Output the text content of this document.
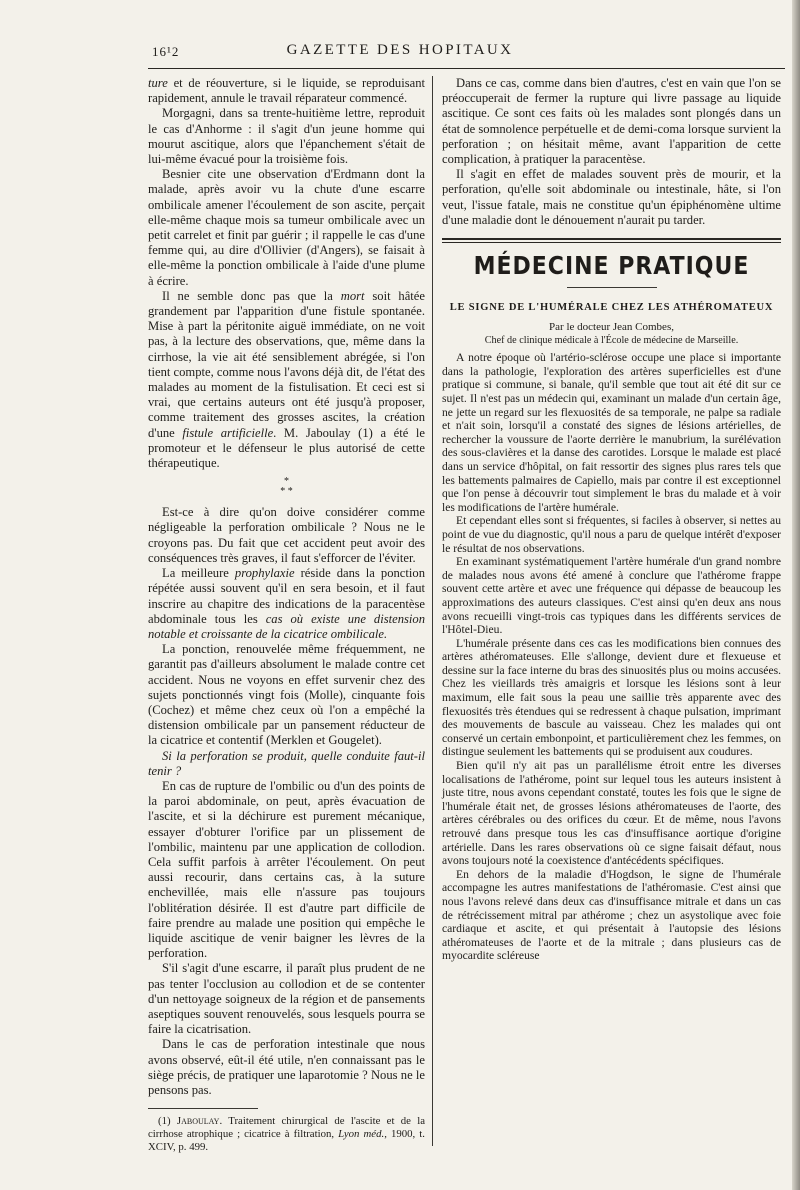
16¹2	GAZETTE DES HOPITAUX

ture et de réouverture, si le liquide, se reproduisant rapidement, annule le travail réparateur commencé.

Morgagni, dans sa trente-huitième lettre, reproduit le cas d'Anhorme : il s'agit d'un jeune homme qui mourut ascitique, alors que l'épanchement s'était de lui-même évacué pour la troisième fois.

Besnier cite une observation d'Erdmann dont la malade, après avoir vu la chute d'une escarre ombilicale amener l'écoulement de son ascite, perçait elle-même chaque mois sa tumeur ombilicale avec un petit carrelet et finit par guérir ; il rappelle le cas d'une femme qui, au dire d'Ollivier (d'Angers), se faisait à elle-même la ponction ombilicale à l'aide d'une plume à écrire.

Il ne semble donc pas que la mort soit hâtée grandement par l'apparition d'une fistule spontanée. Mise à part la péritonite aiguë immédiate, on ne voit pas, à la lecture des observations, que, même dans la cirrhose, la vie ait été sensiblement abrégée, si l'on tient compte, comme nous l'avons déjà dit, de l'état des malades au moment de la fistulisation. Et ceci est si vrai, que certains auteurs ont été jusqu'à proposer, comme traitement des grosses ascites, la création d'une fistule artificielle. M. Jaboulay (1) a été le promoteur et le défenseur le plus autorisé de cette thérapeutique.

*
* *

Est-ce à dire qu'on doive considérer comme négligeable la perforation ombilicale ? Nous ne le croyons pas. Du fait que cet accident peut avoir des conséquences très graves, il faut s'efforcer de l'éviter.

La meilleure prophylaxie réside dans la ponction répétée aussi souvent qu'il en sera besoin, et il faut inscrire au chapitre des indications de la paracentèse abdominale tous les cas où existe une distension notable et croissante de la cicatrice ombilicale.

La ponction, renouvelée même fréquemment, ne garantit pas d'ailleurs absolument le malade contre cet accident. Nous ne voyons en effet survenir chez des sujets ponctionnés vingt fois (Molle), cinquante fois (Cochez) et même chez ceux où l'on a empêché la distension ombilicale par un pansement réducteur de la cicatrice et contentif (Merklen et Gougelet).

Si la perforation se produit, quelle conduite faut-il tenir ?

En cas de rupture de l'ombilic ou d'un des points de la paroi abdominale, on peut, après évacuation de l'ascite, et si la déchirure est purement mécanique, essayer d'obturer l'orifice par un plissement de l'ombilic, maintenu par une application de collodion. Cela suffit parfois à arrêter l'écoulement. On peut aussi recourir, dans certains cas, à la suture enchevillée, mais elle n'assure pas toujours l'oblitération désirée. Il est d'autre part difficile de faire prendre au malade une position qui empêche le liquide ascitique de venir baigner les lèvres de la perforation.

S'il s'agit d'une escarre, il paraît plus prudent de ne pas tenter l'occlusion au collodion et de se contenter d'un nettoyage soigneux de la région et de pansements aseptiques souvent renouvelés, sous lesquels pourra se faire la cicatrisation.

Dans le cas de perforation intestinale que nous avons observé, eût-il été utile, n'en connaissant pas le siège précis, de pratiquer une laparotomie ? Nous ne le pensons pas.

(1) Jaboulay. Traitement chirurgical de l'ascite et de la cirrhose atrophique ; cicatrice à filtration, Lyon méd., 1900, t. XCIV, p. 499.

Dans ce cas, comme dans bien d'autres, c'est en vain que l'on se préoccuperait de fermer la rupture qui livre passage au liquide ascitique. Ce sont ces faits où les malades sont plongés dans un état de somnolence perpétuelle et de demi-coma lorsque survient la perforation ; on hésitait même, avant l'apparition de cette complication, à pratiquer la paracentèse.

Il s'agit en effet de malades souvent près de mourir, et la perforation, qu'elle soit abdominale ou intestinale, hâte, si l'on veut, l'issue fatale, mais ne constitue qu'un épiphénomène ultime d'une maladie dont le dénouement n'aurait pu tarder.

MÉDECINE PRATIQUE
LE SIGNE DE L'HUMÉRALE CHEZ LES ATHÉROMATEUX
Par le docteur Jean Combes,
Chef de clinique médicale à l'École de médecine de Marseille.

A notre époque où l'artério-sclérose occupe une place si importante dans la pathologie, l'exploration des artères superficielles est d'une pratique si commune, si banale, qu'il semble que tout ait été dit sur ce sujet. Il n'est pas un médecin qui, examinant un malade d'un certain âge, ne jette un regard sur les flexuosités de sa temporale, ne palpe sa radiale et n'ait soin, lorsqu'il a constaté des signes de lésions artérielles, de rechercher la voussure de l'aorte derrière le manubrium, la surélévation des sous-clavières et la danse des carotides. Lorsque le malade est placé dans un service d'hôpital, on fait ressortir des signes plus rares tels que les battements palmaires de Capiello, mais par contre il est exceptionnel que l'on pense à découvrir tout simplement le bras du malade et à voir les modifications de l'artère humérale.

Et cependant elles sont si fréquentes, si faciles à observer, si nettes au point de vue du diagnostic, qu'il nous a paru de quelque intérêt d'exposer le résultat de nos observations.

En examinant systématiquement l'artère humérale d'un grand nombre de malades nous avons été amené à conclure que l'athérome frappe souvent cette artère et avec une fréquence qui dépasse de beaucoup les approximations des auteurs classiques. C'est ainsi qu'en deux ans nous avons recueilli vingt-trois cas typiques dans les différents services de l'Hôtel-Dieu.

L'humérale présente dans ces cas les modifications bien connues des artères athéromateuses. Elle s'allonge, devient dure et flexueuse et dessine sur la face interne du bras des sinuosités plus ou moins accusées. Chez les vieillards très amaigris et lorsque les lésions sont à leur maximum, elle fait sous la peau une saillie très apparente avec des flexuosités très étendues qui se redressent à chaque pulsation, imprimant des mouvements de bascule au vaisseau. Chez les malades qui ont conservé un certain embonpoint, et particulièrement chez les femmes, on distingue seulement les battements qui se produisent aux coudures.

Bien qu'il n'y ait pas un parallélisme étroit entre les diverses localisations de l'athérome, point sur lequel tous les auteurs insistent à juste titre, nous avons cependant constaté, toutes les fois que le signe de l'humérale était net, de grosses lésions athéromateuses de l'aorte, des artères cérébrales ou des orifices du cœur. Et de même, nous l'avons retrouvé dans presque tous les cas d'insuffisance aortique d'origine artérielle. Dans les rares observations où ce signe faisait défaut, nous avons toujours noté la coexistence d'antécédents spécifiques.

En dehors de la maladie d'Hogdson, le signe de l'humérale accompagne les autres manifestations de l'athéromasie. C'est ainsi que nous l'avons relevé dans deux cas d'insuffisance mitrale et dans un cas de rétrécissement mitral par athérome ; chez un asystolique avec foie cardiaque et ascite, et qui présentait à l'autopsie des lésions athéromateuses de l'aorte et de la mitrale ; dans plusieurs cas de myocardite scléreuse
